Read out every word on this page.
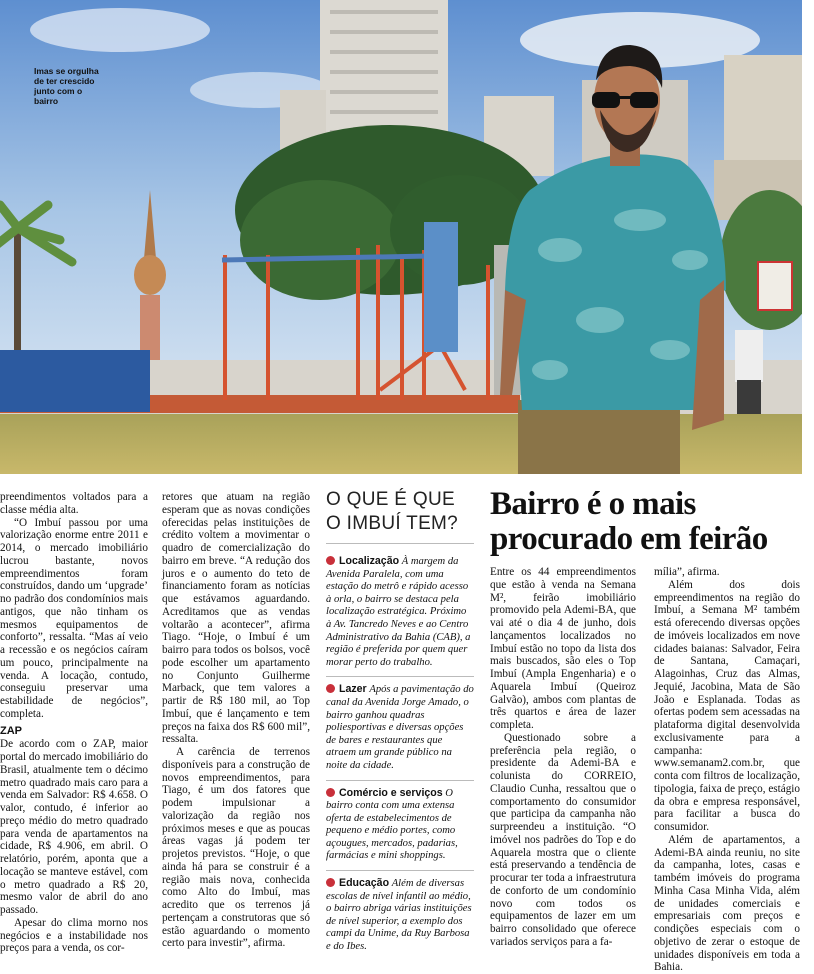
Imas se orgulha de ter crescido junto com o bairro

preendimentos voltados para a classe média alta.

“O Imbuí passou por uma valorização enorme entre 2011 e 2014, o mercado imobiliário lucrou bastante, novos empreendimentos foram construídos, dando um ‘upgrade’ no padrão dos condomínios mais antigos, que não tinham os mesmos equipamentos de conforto”, ressalta. “Mas aí veio a recessão e os negócios caíram um pouco, principalmente na venda. A locação, contudo, conseguiu preservar uma estabilidade de negócios”, completa.

ZAP

De acordo com o ZAP, maior portal do mercado imobiliário do Brasil, atualmente tem o décimo metro quadrado mais caro para a venda em Salvador: R$ 4.658. O valor, contudo, é inferior ao preço médio do metro quadrado para venda de apartamentos na cidade, R$ 4.906, em abril. O relatório, porém, aponta que a locação se manteve estável, com o metro quadrado a R$ 20, mesmo valor de abril do ano passado.

Apesar do clima morno nos negócios e a instabilidade nos preços para a venda, os cor-

retores que atuam na região esperam que as novas condições oferecidas pelas instituições de crédito voltem a movimentar o quadro de comercialização do bairro em breve. “A redução dos juros e o aumento do teto de financiamento foram as notícias que estávamos aguardando. Acreditamos que as vendas voltarão a acontecer”, afirma Tiago. “Hoje, o Imbuí é um bairro para todos os bolsos, você pode escolher um apartamento no Conjunto Guilherme Marback, que tem valores a partir de R$ 180 mil, ao Top Imbuí, que é lançamento e tem preços na faixa dos R$ 600 mil”, ressalta.

A carência de terrenos disponíveis para a construção de novos empreendimentos, para Tiago, é um dos fatores que podem impulsionar a valorização da região nos próximos meses e que as poucas áreas vagas já podem ter projetos previstos. “Hoje, o que ainda há para se construir é a região mais nova, conhecida como Alto do Imbuí, mas acredito que os terrenos já pertençam a construtoras que só estão aguardando o momento certo para investir”, afirma.

O QUE É QUE O IMBUÍ TEM?
Localização À margem da Avenida Paralela, com uma estação do metrô e rápido acesso à orla, o bairro se destaca pela localização estratégica. Próximo à Av. Tancredo Neves e ao Centro Administrativo da Bahia (CAB), a região é preferida por quem quer morar perto do trabalho.
Lazer Após a pavimentação do canal da Avenida Jorge Amado, o bairro ganhou quadras poliesportivas e diversas opções de bares e restaurantes que atraem um grande público na noite da cidade.
Comércio e serviços O bairro conta com uma extensa oferta de estabelecimentos de pequeno e médio portes, como açougues, mercados, padarias, farmácias e mini shoppings.
Educação Além de diversas escolas de nível infantil ao médio, o bairro abriga várias instituições de nível superior, a exemplo dos campi da Unime, da Ruy Barbosa e do Ibes.
Bairro é o mais procurado em feirão

Entre os 44 empreendimentos que estão à venda na Semana M², feirão imobiliário promovido pela Ademi-BA, que vai até o dia 4 de junho, dois lançamentos localizados no Imbuí estão no topo da lista dos mais buscados, são eles o Top Imbuí (Ampla Engenharia) e o Aquarela Imbuí (Queiroz Galvão), ambos com plantas de três quartos e área de lazer completa.

Questionado sobre a preferência pela região, o presidente da Ademi-BA e colunista do CORREIO, Claudio Cunha, ressaltou que o comportamento do consumidor que participa da campanha não surpreendeu a instituição. “O imóvel nos padrões do Top e do Aquarela mostra que o cliente está preservando a tendência de procurar ter toda a infraestrutura de conforto de um condomínio novo com todos os equipamentos de lazer em um bairro consolidado que oferece variados serviços para a fa-

mília”, afirma.

Além dos dois empreendimentos na região do Imbuí, a Semana M² também está oferecendo diversas opções de imóveis localizados em nove cidades baianas: Salvador, Feira de Santana, Camaçari, Alagoinhas, Cruz das Almas, Jequié, Jacobina, Mata de São João e Esplanada. Todas as ofertas podem sem acessadas na plataforma digital desenvolvida exclusivamente para a campanha: www.semanam2.com.br, que conta com filtros de localização, tipologia, faixa de preço, estágio da obra e empresa responsável, para facilitar a busca do consumidor.

Além de apartamentos, a Ademi-BA ainda reuniu, no site da campanha, lotes, casas e também imóveis do programa Minha Casa Minha Vida, além de unidades comerciais e empresariais com preços e condições especiais com o objetivo de zerar o estoque de unidades disponíveis em toda a Bahia.
